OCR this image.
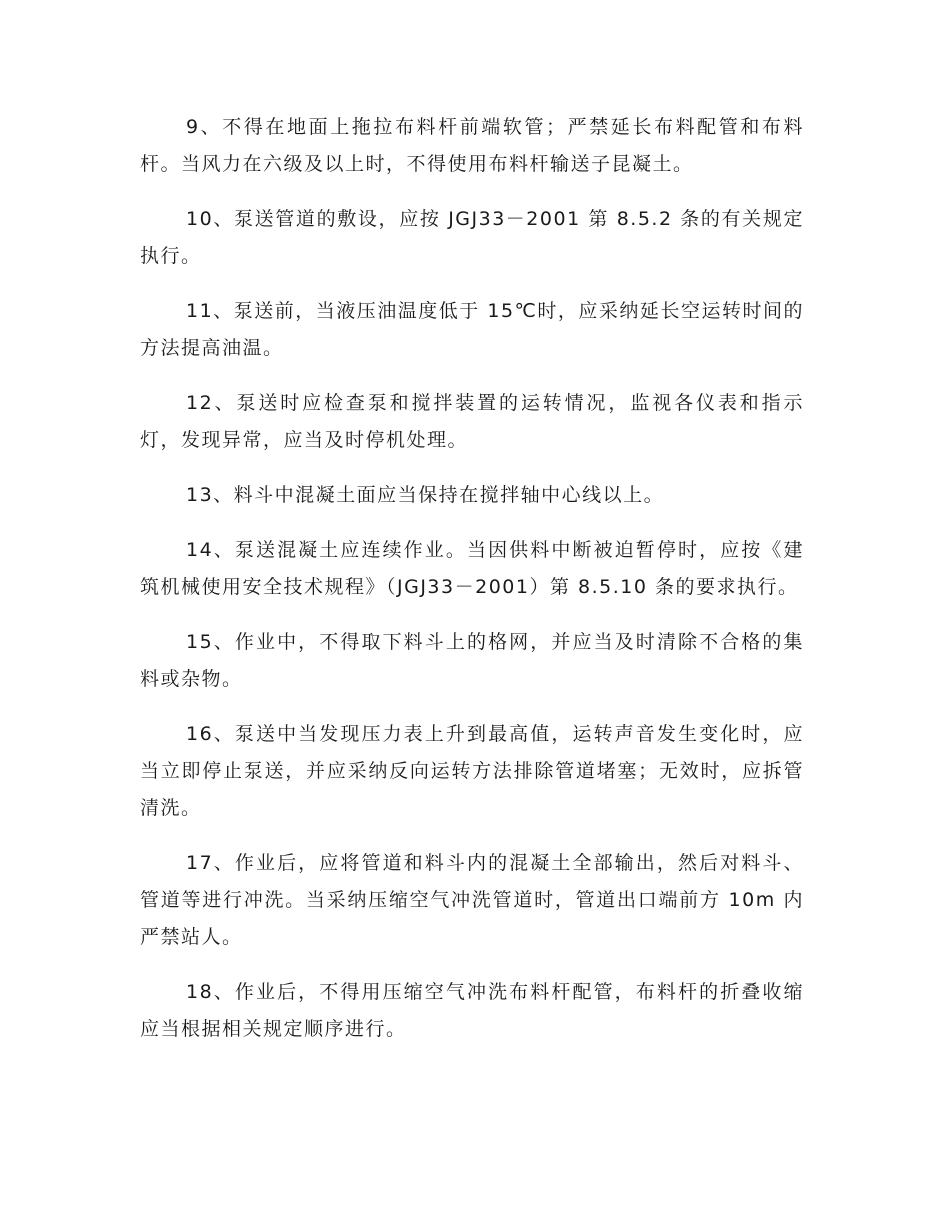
9、不得在地面上拖拉布料杆前端软管；严禁延长布料配管和布料杆。当风力在六级及以上时，不得使用布料杆输送子昆凝土。

10、泵送管道的敷设，应按 JGJ33－2001 第 8.5.2 条的有关规定执行。

11、泵送前，当液压油温度低于 15℃时，应采纳延长空运转时间的方法提高油温。

12、泵送时应检查泵和搅拌装置的运转情况，监视各仪表和指示灯，发现异常，应当及时停机处理。

13、料斗中混凝土面应当保持在搅拌轴中心线以上。

14、泵送混凝土应连续作业。当因供料中断被迫暂停时，应按《建筑机械使用安全技术规程》（JGJ33－2001）第 8.5.10 条的要求执行。

15、作业中，不得取下料斗上的格网，并应当及时清除不合格的集料或杂物。

16、泵送中当发现压力表上升到最高值，运转声音发生变化时，应当立即停止泵送，并应采纳反向运转方法排除管道堵塞；无效时，应拆管清洗。

17、作业后，应将管道和料斗内的混凝土全部输出，然后对料斗、管道等进行冲洗。当采纳压缩空气冲洗管道时，管道出口端前方 10m 内严禁站人。

18、作业后，不得用压缩空气冲洗布料杆配管，布料杆的折叠收缩应当根据相关规定顺序进行。
